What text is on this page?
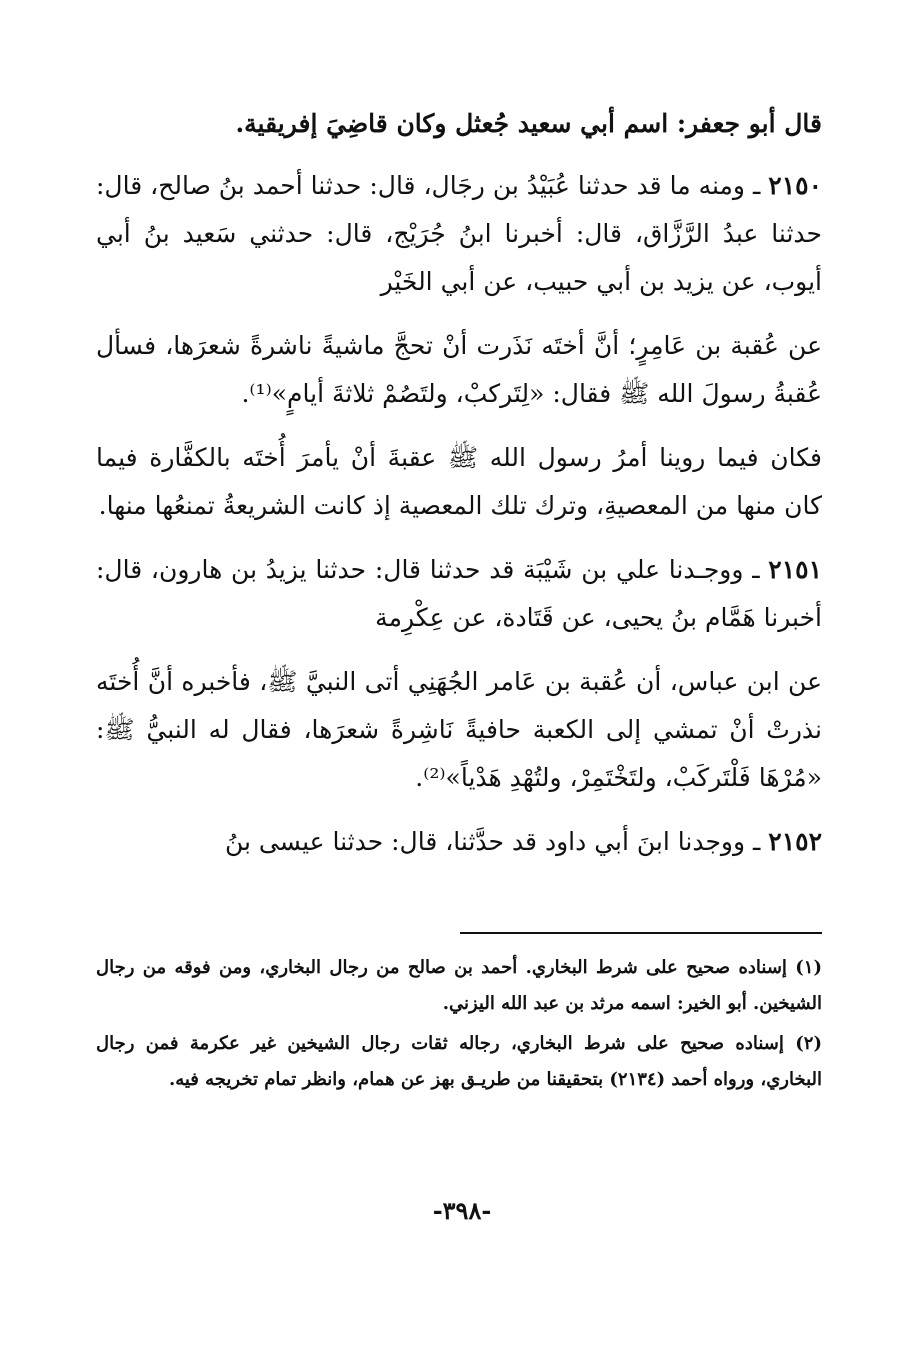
قال أبو جعفر: اسم أبي سعيد جُعثل وكان قاضِيَ إفريقية.

٢١٥٠ ـ ومنه ما قد حدثنا عُبَيْدُ بن رجَال، قال: حدثنا أحمد بنُ صالح، قال: حدثنا عبدُ الرَّزَّاق، قال: أخبرنا ابنُ جُرَيْج، قال: حدثني سَعيد بنُ أبي أيوب، عن يزيد بن أبي حبيب، عن أبي الخَيْر

عن عُقبة بن عَامِرٍ؛ أنَّ أختَه نَذَرت أنْ تحجَّ ماشيةً ناشرةً شعرَها، فسأل عُقبةُ رسولَ الله ﷺ فقال: «لِتَركبْ، ولتَصُمْ ثلاثةَ أيامٍ»⁽¹⁾.

فكان فيما روينا أمرُ رسول الله ﷺ عقبةَ أنْ يأمرَ أُختَه بالكفَّارة فيما كان منها من المعصيةِ، وترك تلك المعصية إذ كانت الشريعةُ تمنعُها منها.

٢١٥١ ـ ووجـدنا علي بن شَيْبَة قد حدثنا قال: حدثنا يزيدُ بن هارون، قال: أخبرنا هَمَّام بنُ يحيى، عن قَتَادة، عن عِكْرِمة

عن ابن عباس، أن عُقبة بن عَامر الجُهَنِي أتى النبيَّ ﷺ، فأخبره أنَّ أُختَه نذرتْ أنْ تمشي إلى الكعبة حافيةً نَاشِرةً شعرَها، فقال له النبيُّ ﷺ: «مُرْهَا فَلْتَركَبْ، ولتَخْتَمِرْ، ولتُهْدِ هَدْياً»⁽²⁾.

٢١٥٢ ـ ووجدنا ابنَ أبي داود قد حدَّثنا، قال: حدثنا عيسى بنُ

(١) إسناده صحيح على شرط البخاري. أحمد بن صالح من رجال البخاري، ومن فوقه من رجال الشيخين. أبو الخير: اسمه مرثد بن عبد الله اليزني.

(٢) إسناده صحيح على شرط البخاري، رجاله ثقات رجال الشيخين غير عكرمة فمن رجال البخاري، ورواه أحمد (٢١٣٤) بتحقيقنا من طريـق بهز عن همام، وانظر تمام تخريجه فيه.

-٣٩٨-
